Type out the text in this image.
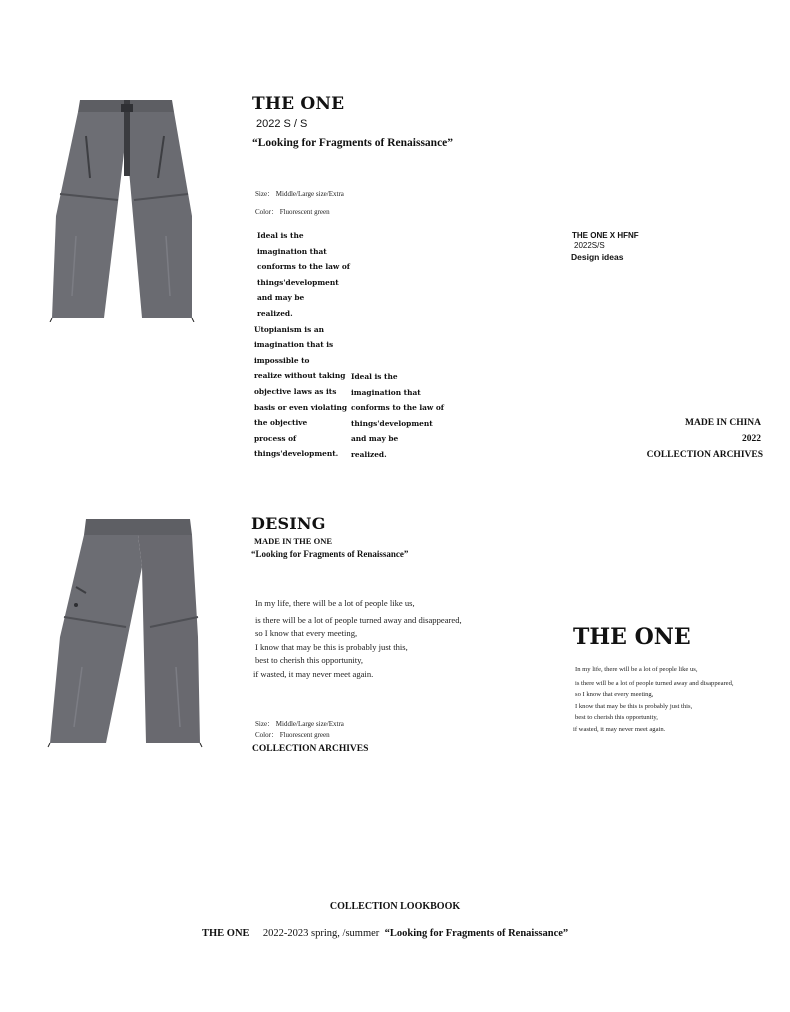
THE ONE
2022 S / S
“Looking for Fragments of Renaissance”
Size： Middle/Large size/Extra
Color： Fluorescent green
Ideal is the
imagination that
conforms to the law of
things'development
and may be
realized.
Utopianism is an
imagination that is
impossible to
realize without taking
objective laws as its
basis or even violating
the objective
process of
things'development.
Ideal is the
imagination that
conforms to the law of
things'development
and may be
realized.
THE ONE X HFNF
2022S/S
Design ideas
MADE IN CHINA
2022
COLLECTION ARCHIVES
DESING
MADE IN THE ONE
“Looking for Fragments of Renaissance”
In my life, there will be a lot of people like us,
is there will be a lot of people turned away and disappeared,
so I know that every meeting,
I know that may be this is probably just this,
best to cherish this opportunity,
if wasted, it may never meet again.
Size： Middle/Large size/Extra
Color： Fluorescent green
COLLECTION ARCHIVES
THE ONE
In my life, there will be a lot of people like us,
is there will be a lot of people turned away and disappeared,
so I know that every meeting,
I know that may be this is probably just this,
best to cherish this opportunity,
if wasted, it may never meet again.
COLLECTION LOOKBOOK
THE ONE 2022-2023 spring, /summer “Looking for Fragments of Renaissance”
